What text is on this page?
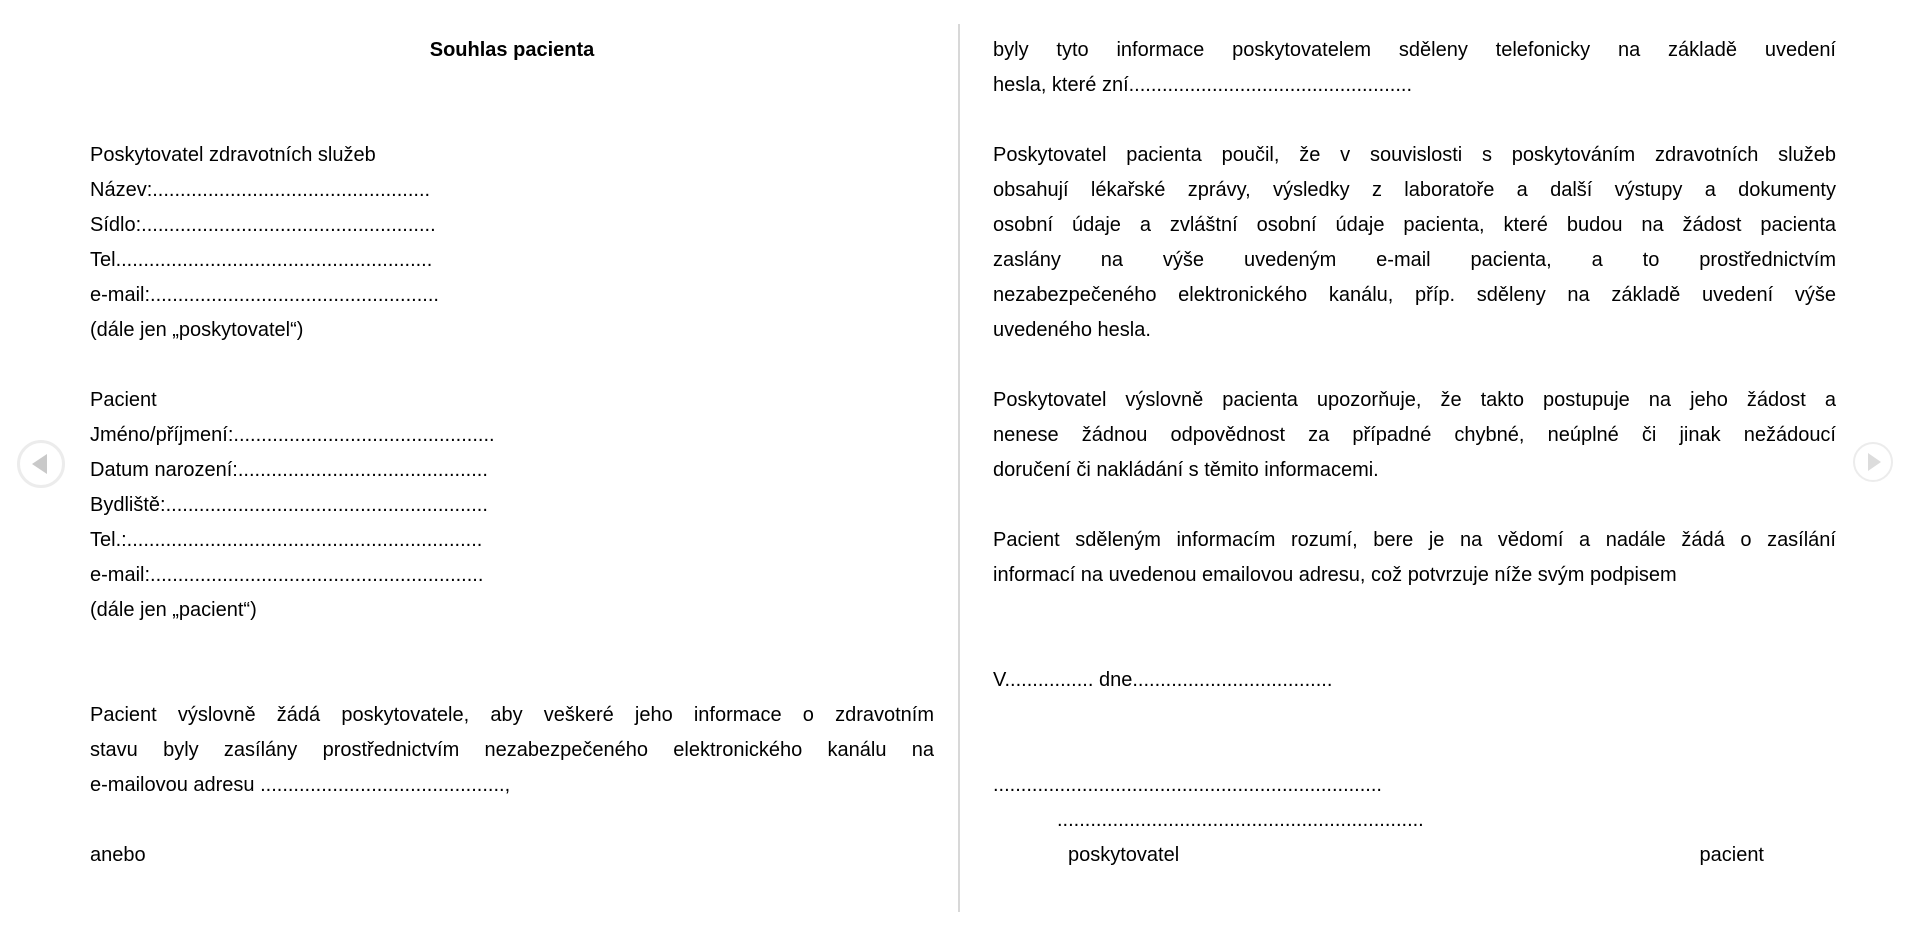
Souhlas pacienta
Poskytovatel zdravotních služeb
Název:..................................................
Sídlo:.....................................................
Tel.........................................................
e-mail:....................................................
(dále jen „poskytovatel“)
Pacient
Jméno/příjmení:...............................................
Datum narození:.............................................
Bydliště:..........................................................
Tel.:................................................................
e-mail:............................................................
(dále jen „pacient“)
Pacient výslovně žádá poskytovatele, aby veškeré jeho informace o zdravotním
stavu byly zasílány prostřednictvím nezabezpečeného elektronického kanálu na
e-mailovou adresu ............................................,
anebo
byly tyto informace poskytovatelem sděleny telefonicky na základě uvedení
hesla, které zní...................................................
Poskytovatel pacienta poučil, že v souvislosti s poskytováním zdravotních služeb
obsahují lékařské zprávy, výsledky z laboratoře a další výstupy a dokumenty
osobní údaje a zvláštní osobní údaje pacienta, které budou na žádost pacienta
zaslány na výše uvedeným e-mail pacienta, a to prostřednictvím
nezabezpečeného elektronického kanálu, příp. sděleny na základě uvedení výše
uvedeného hesla.
Poskytovatel výslovně pacienta upozorňuje, že takto postupuje na jeho žádost a
nenese žádnou odpovědnost za případné chybné, neúplné či jinak nežádoucí
doručení či nakládání s těmito informacemi.
Pacient sděleným informacím rozumí, bere je na vědomí a nadále žádá o zasílání
informací na uvedenou emailovou adresu, což potvrzuje níže svým podpisem
V................ dne....................................
......................................................................
..................................................................
poskytovatel	pacient
